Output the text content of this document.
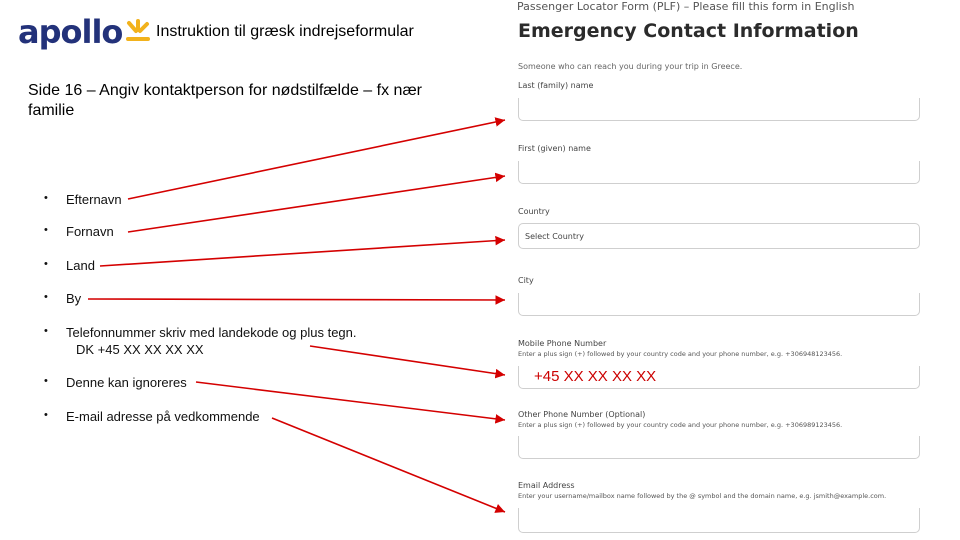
apollo Instruktion til græsk indrejseformular
Side 16 – Angiv kontaktperson for nødstilfælde – fx nær familie
• Efternavn
• Fornavn
• Land
• By
• Telefonnummer skriv med landekode og plus tegn.
DK +45 XX XX XX XX
• Denne kan ignoreres
• E-mail adresse på vedkommende
Passenger Locator Form (PLF) – Please fill this form in English
Emergency Contact Information
Someone who can reach you during your trip in Greece.
Last (family) name
First (given) name
Country
Select Country
City
Mobile Phone Number
Enter a plus sign (+) followed by your country code and your phone number, e.g. +306948123456.
Other Phone Number (Optional)
Enter a plus sign (+) followed by your country code and your phone number, e.g. +306989123456.
Email Address
Enter your username/mailbox name followed by the @ symbol and the domain name, e.g. jsmith@example.com.
+45 XX XX XX XX
